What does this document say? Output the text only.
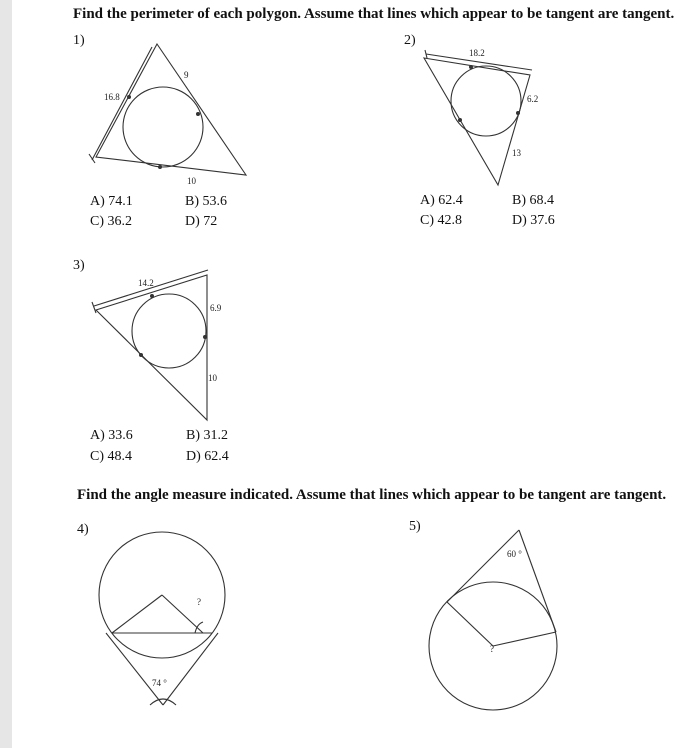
Find the perimeter of each polygon. Assume that lines which appear to be tangent are tangent.
1)	2)
3)
16.8
9
10
18.2
6.2
13
14.2
6.9
10
?
74 °
60 °
?
A) 74.1	B) 53.6
C) 36.2	D) 72
A) 62.4	B) 68.4
C) 42.8	D) 37.6
A) 33.6	B) 31.2
C) 48.4	D) 62.4
Find the angle measure indicated. Assume that lines which appear to be tangent are tangent.
4)	5)
